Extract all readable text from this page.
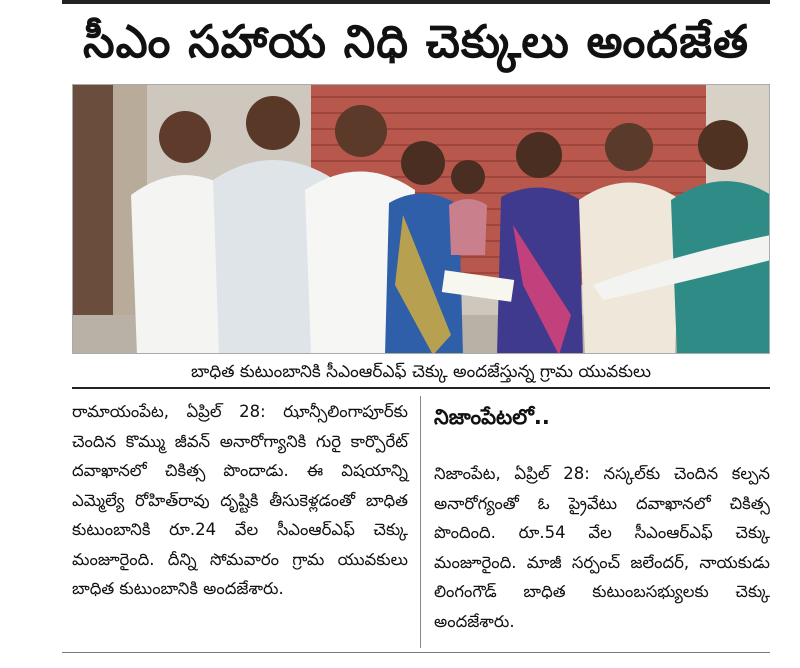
సీఎం సహాయ నిధి చెక్కులు అందజేత
బాధిత కుటుంబానికి సీఎంఆర్ఎఫ్ చెక్కు అందజేస్తున్న గ్రామ యువకులు

రామాయంపేట, ఏప్రిల్ 28: ఝాన్సీలింగాపూర్‌కు చెందిన కొమ్ము జీవన్ అనారోగ్యానికి గురై కార్పొరేట్ దవాఖానలో చికిత్స పొందాడు. ఈ విషయాన్ని ఎమ్మెల్యే రోహిత్‌రావు దృష్టికి తీసుకెళ్లడంతో బాధిత కుటుంబానికి రూ.24 వేల సీఎంఆర్ఎఫ్ చెక్కు మంజూరైంది. దీన్ని సోమవారం గ్రామ యువకులు బాధిత కుటుంబానికి అందజేశారు.

నిజాంపేటలో..

నిజాంపేట, ఏప్రిల్ 28: నస్కల్‌కు చెందిన కల్పన అనారోగ్యంతో ఓ ప్రైవేటు దవాఖానలో చికిత్స పొందింది. రూ.54 వేల సీఎంఆర్ఎఫ్ చెక్కు మంజూరైంది. మాజీ సర్పంచ్ జలేందర్, నాయకుడు లింగంగౌడ్ బాధిత కుటుంబసభ్యులకు చెక్కు అందజేశారు.
